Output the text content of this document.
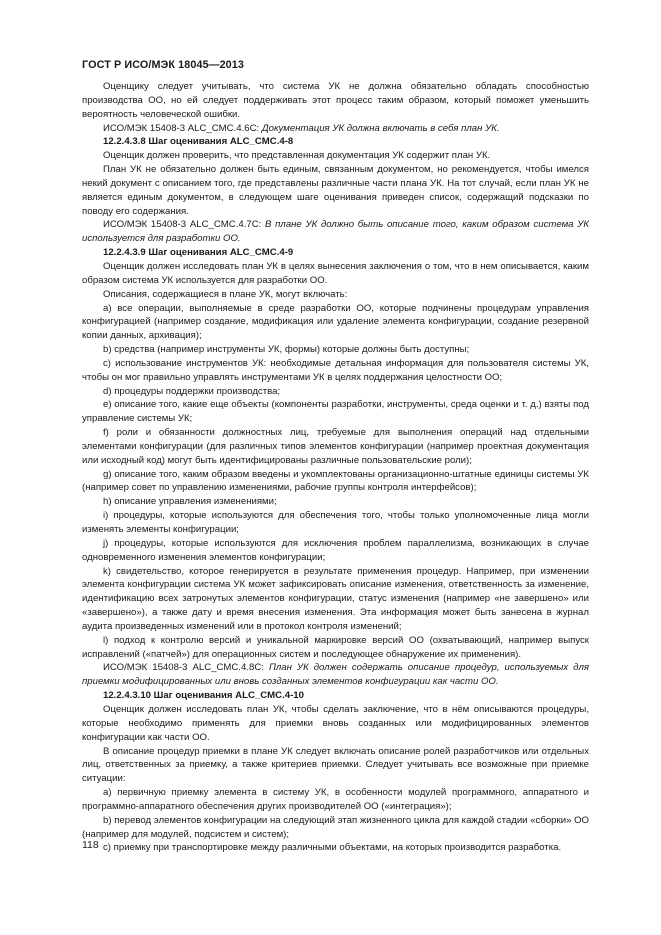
ГОСТ Р ИСО/МЭК 18045—2013

Оценщику следует учитывать, что система УК не должна обязательно обладать способностью производства ОО, но ей следует поддерживать этот процесс таким образом, который поможет уменьшить вероятность человеческой ошибки.

ИСО/МЭК 15408-3 ALC_CMC.4.6C: Документация УК должна включать в себя план УК.

12.2.4.3.8 Шаг оценивания ALC_CMC.4-8

Оценщик должен проверить, что представленная документация УК содержит план УК.

План УК не обязательно должен быть единым, связанным документом, но рекомендуется, чтобы имелся некий документ с описанием того, где представлены различные части плана УК. На тот случай, если план УК не является единым документом, в следующем шаге оценивания приведен список, содержащий подсказки по поводу его содержания.

ИСО/МЭК 15408-3 ALC_CMC.4.7C: В плане УК должно быть описание того, каким образом система УК используется для разработки ОО.

12.2.4.3.9 Шаг оценивания ALC_CMC.4-9

Оценщик должен исследовать план УК в целях вынесения заключения о том, что в нем описывается, каким образом система УК используется для разработки ОО.

Описания, содержащиеся в плане УК, могут включать:

a) все операции, выполняемые в среде разработки ОО, которые подчинены процедурам управления конфигурацией (например создание, модификация или удаление элемента конфигурации, создание резервной копии данных, архивация);

b) средства (например инструменты УК, формы) которые должны быть доступны;

c) использование инструментов УК: необходимые детальная информация для пользователя системы УК, чтобы он мог правильно управлять инструментами УК в целях поддержания целостности ОО;

d) процедуры поддержки производства;

e) описание того, какие еще объекты (компоненты разработки, инструменты, среда оценки и т. д.) взяты под управление системы УК;

f) роли и обязанности должностных лиц, требуемые для выполнения операций над отдельными элементами конфигурации (для различных типов элементов конфигурации (например проектная документация или исходный код) могут быть идентифицированы различные пользовательские роли);

g) описание того, каким образом введены и укомплектованы организационно-штатные единицы системы УК (например совет по управлению изменениями, рабочие группы контроля интерфейсов);

h) описание управления изменениями;

i) процедуры, которые используются для обеспечения того, чтобы только уполномоченные лица могли изменять элементы конфигурации;

j) процедуры, которые используются для исключения проблем параллелизма, возникающих в случае одновременного изменения элементов конфигурации;

k) свидетельство, которое генерируется в результате применения процедур. Например, при изменении элемента конфигурации система УК может зафиксировать описание изменения, ответственность за изменение, идентификацию всех затронутых элементов конфигурации, статус изменения (например «не завершено» или «завершено»), а также дату и время внесения изменения. Эта информация может быть занесена в журнал аудита произведенных изменений или в протокол контроля изменений;

l) подход к контролю версий и уникальной маркировке версий ОО (охватывающий, например выпуск исправлений («патчей») для операционных систем и последующее обнаружение их применения).

ИСО/МЭК 15408-3 ALC_CMC.4.8C: План УК должен содержать описание процедур, используемых для приемки модифицированных или вновь созданных элементов конфигурации как части ОО.

12.2.4.3.10 Шаг оценивания ALC_CMC.4-10

Оценщик должен исследовать план УК, чтобы сделать заключение, что в нём описываются процедуры, которые необходимо применять для приемки вновь созданных или модифицированных элементов конфигурации как части ОО.

В описание процедур приемки в плане УК следует включать описание ролей разработчиков или отдельных лиц, ответственных за приемку, а также критериев приемки. Следует учитывать все возможные при приемке ситуации:

a) первичную приемку элемента в систему УК, в особенности модулей программного, аппаратного и программно-аппаратного обеспечения других производителей ОО («интеграция»);

b) перевод элементов конфигурации на следующий этап жизненного цикла для каждой стадии «сборки» ОО (например для модулей, подсистем и систем);

c) приемку при транспортировке между различными объектами, на которых производится разработка.

118
